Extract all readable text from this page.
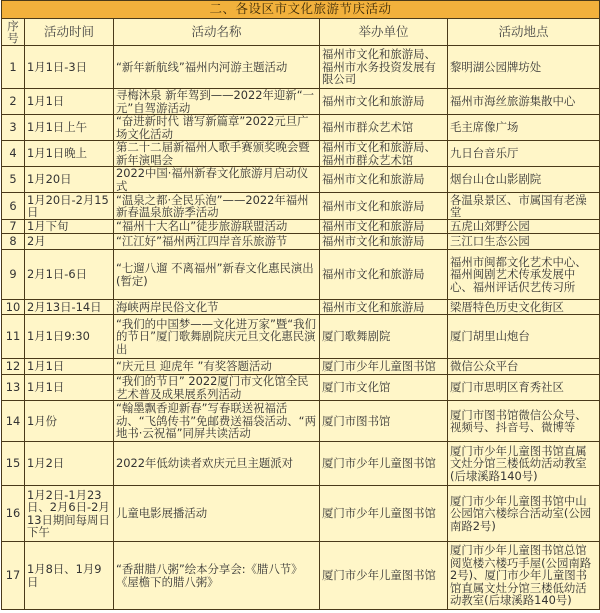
二、各设区市文化旅游节庆活动				
序号	活动时间	活动名称	举办单位	活动地点
1	1月1日-3日	“新年新航线”福州内河游主题活动	福州市文化和旅游局、福州市水务投资发展有限公司	黎明湖公园牌坊处
2	1月1日	寻梅沐泉 新年驾到——2022年迎新“一元”自驾游活动	福州市文化和旅游局	福州市海丝旅游集散中心
3	1月1日上午	“奋进新时代 谱写新篇章”2022元旦广场文化活动	福州市群众艺术馆	毛主席像广场
4	1月1日晚上	第二十二届新福州人歌手赛颁奖晚会暨新年演唱会	福州市文化和旅游局、福州市群众艺术馆	九日台音乐厅
5	1月20日	2022中国·福州新春文化旅游月启动仪式	福州市文化和旅游局	烟台山仓山影剧院
6	1月20日-2月15日	“温泉之都·全民乐泡”——2022年福州新春温泉旅游季活动	福州市文化和旅游局	各温泉景区、市属国有老澡堂
7	1月下旬	“福州十大名山”徒步旅游联盟活动	福州市文化和旅游局	五虎山郊野公园
8	2月	“江江好”福州两江四岸音乐旅游节	福州市文化和旅游局	三江口生态公园
9	2月1日-6日	“七遛八遛 不离福州”新春文化惠民演出(暂定)	福州市文化和旅游局	福州市闽都文化艺术中心、福州闽剧艺术传承发展中心、福州评话伬艺传习所
10	2月13日-14日	海峡两岸民俗文化节	福州市文化和旅游局	梁厝特色历史文化街区
11	1月1日9:30	“我们的中国梦——文化进万家”暨“我们的节日”厦门歌舞剧院庆元旦文化惠民演出	厦门歌舞剧院	厦门胡里山炮台
12	1月1日	“庆元旦 迎虎年 ”有奖答题活动	厦门市少年儿童图书馆	微信公众平台
13	1月1日	“我们的节日” 2022厦门市文化馆全民艺术普及成果展系列活动	厦门市文化馆	厦门市思明区育秀社区
14	1月份	“翰墨飘香迎新春”写春联送祝福活动、“飞鸽传书”免邮费送福袋活动、“两地书·云祝福”同屏共读活动	厦门市图书馆	厦门市图书馆微信公众号、视频号、抖音号、微博等
15	1月2日	2022年低幼读者欢庆元旦主题派对	厦门市少年儿童图书馆	厦门市少年儿童图书馆直属文灶分馆三楼低幼活动教室(后埭溪路140号)
16	1月2日-1月23日、2月6日-2月13日期间每周日下午	儿童电影展播活动	厦门市少年儿童图书馆	厦门市少年儿童图书馆中山公园馆六楼综合活动室(公园南路2号)
17	1月8日、1月9日	“香甜腊八粥”绘本分享会:《腊八节》《屋檐下的腊八粥》	厦门市少年儿童图书馆	厦门市少年儿童图书馆总馆阅览楼六楼巧手屋(公园南路2号)、厦门市少年儿童图书馆直属文灶分馆三楼低幼活动教室(后埭溪路140号)
